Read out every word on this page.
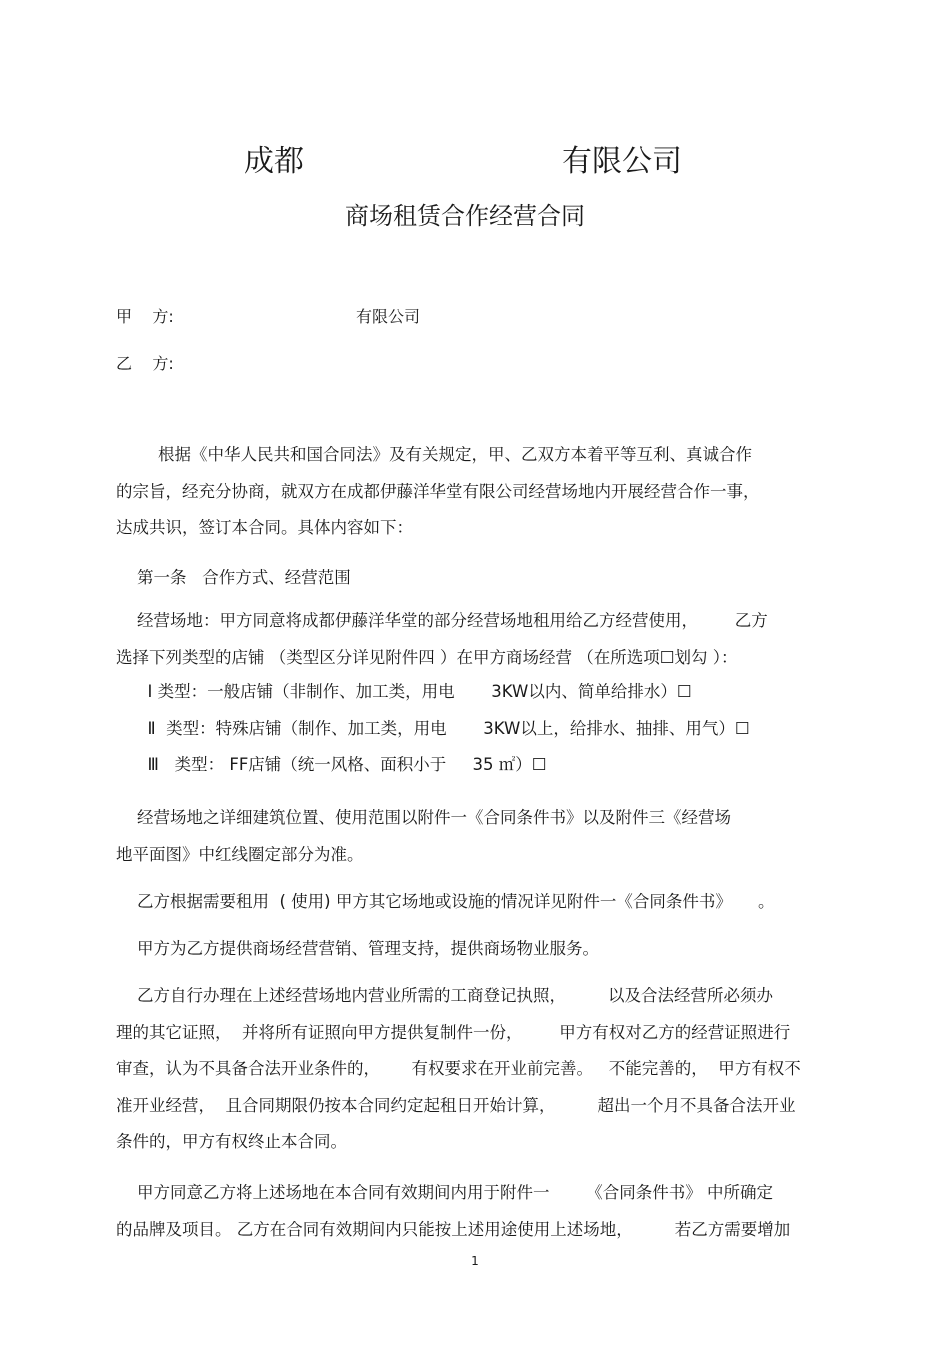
成都	有限公司
商场租赁合作经营合同
甲    方:	有限公司
乙    方:
根据《中华人民共和国合同法》及有关规定，甲、乙双方本着平等互利、真诚合作
的宗旨，经充分协商，就双方在成都伊藤洋华堂有限公司经营场地内开展经营合作一事，
达成共识，签订本合同。具体内容如下：
第一条   合作方式、经营范围
经营场地：甲方同意将成都伊藤洋华堂的部分经营场地租用给乙方经营使用，       乙方
选择下列类型的店铺 （类型区分详见附件四 ）在甲方商场经营 （在所选项☐划勾 ）：
Ⅰ 类型：一般店铺（非制作、加工类，用电       3KW以内、简单给排水）☐
Ⅱ  类型：特殊店铺（制作、加工类，用电       3KW以上，给排水、抽排、用气）☐
Ⅲ   类型： FF店铺（统一风格、面积小于     35 ㎡）☐
经营场地之详细建筑位置、使用范围以附件一《合同条件书》以及附件三《经营场
地平面图》中红线圈定部分为准。
乙方根据需要租用  ( 使用) 甲方其它场地或设施的情况详见附件一《合同条件书》     。
甲方为乙方提供商场经营营销、管理支持，提供商场物业服务。
乙方自行办理在上述经营场地内营业所需的工商登记执照，        以及合法经营所必须办
理的其它证照，  并将所有证照向甲方提供复制件一份，       甲方有权对乙方的经营证照进行
审查，认为不具备合法开业条件的，      有权要求在开业前完善。   不能完善的，  甲方有权不
准开业经营，  且合同期限仍按本合同约定起租日开始计算，        超出一个月不具备合法开业
条件的，甲方有权终止本合同。
甲方同意乙方将上述场地在本合同有效期间内用于附件一       《合同条件书》 中所确定
的品牌及项目。 乙方在合同有效期间内只能按上述用途使用上述场地，        若乙方需要增加
1
